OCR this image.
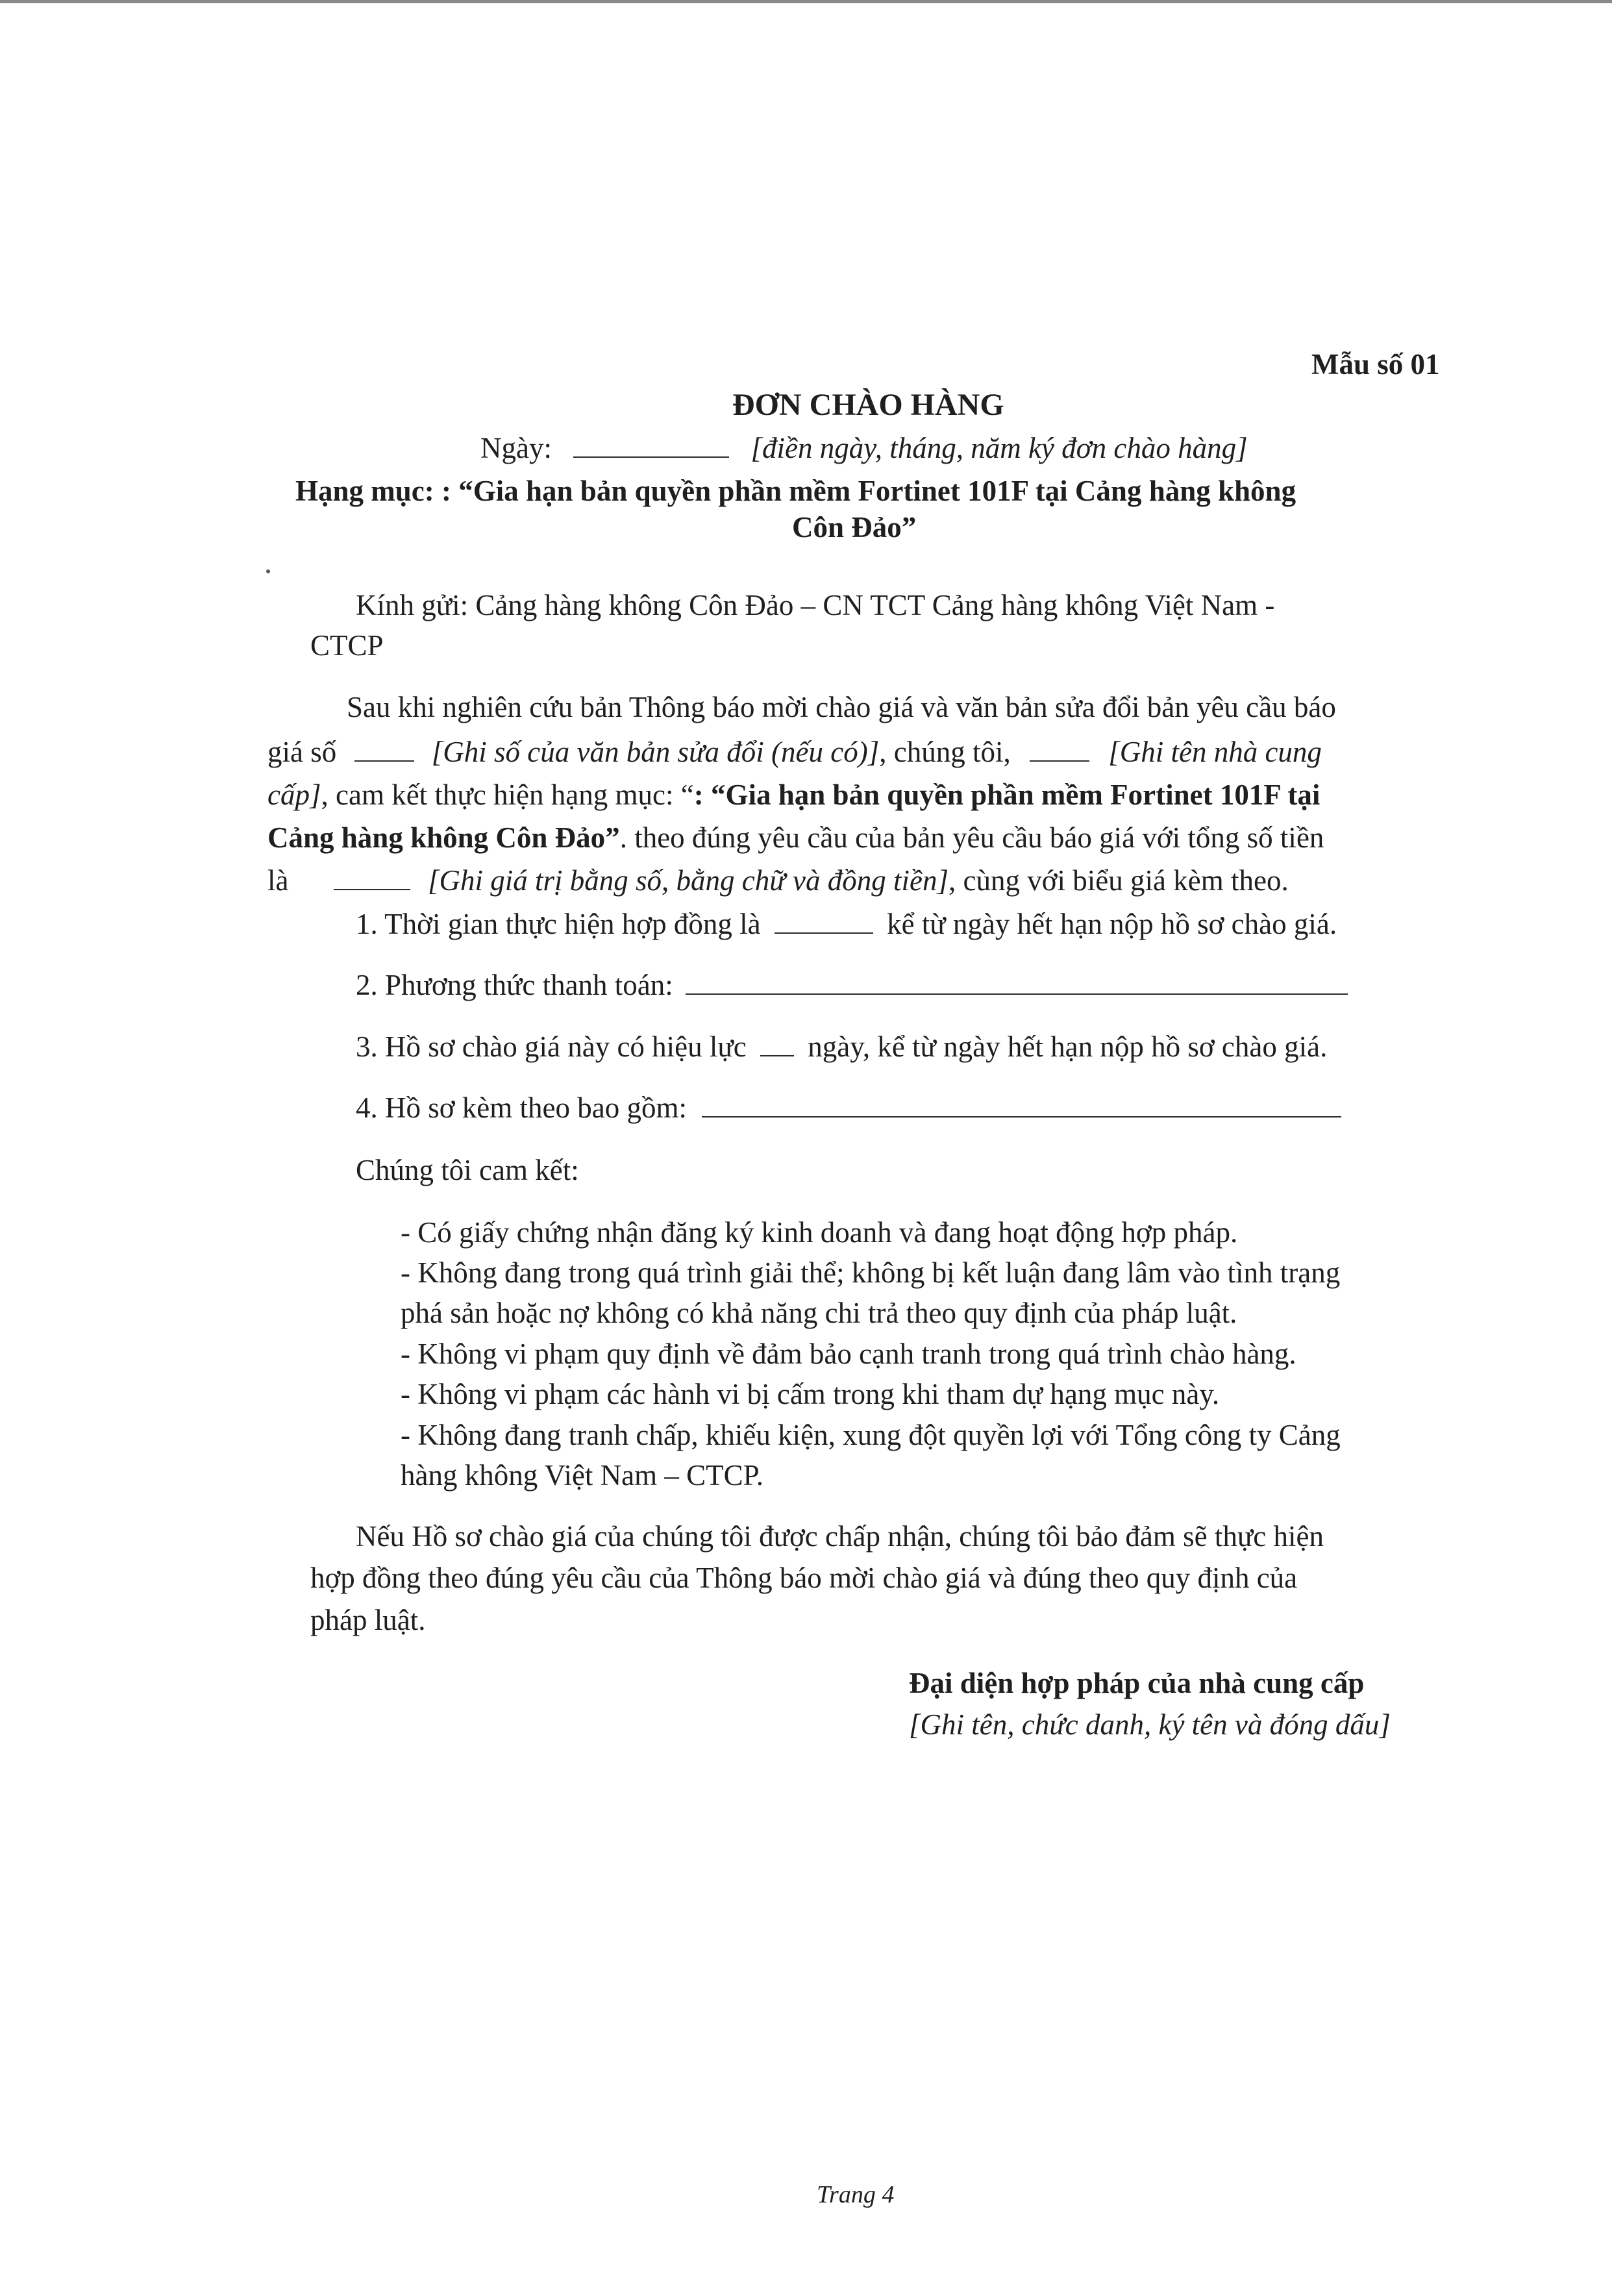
Mẫu số 01
ĐƠN CHÀO HÀNG
Ngày:	[điền ngày, tháng, năm ký đơn chào hàng]
Hạng mục: : “Gia hạn bản quyền phần mềm Fortinet 101F tại Cảng hàng không
Côn Đảo”
Kính gửi: Cảng hàng không Côn Đảo – CN TCT Cảng hàng không Việt Nam -
CTCP
Sau khi nghiên cứu bản Thông báo mời chào giá và văn bản sửa đổi bản yêu cầu báo
giá số	[Ghi số của văn bản sửa đổi (nếu có)], chúng tôi,	[Ghi tên nhà cung
cấp], cam kết thực hiện hạng mục: “: “Gia hạn bản quyền phần mềm Fortinet 101F tại
Cảng hàng không Côn Đảo”. theo đúng yêu cầu của bản yêu cầu báo giá với tổng số tiền
là	[Ghi giá trị bằng số, bằng chữ và đồng tiền], cùng với biểu giá kèm theo.
1. Thời gian thực hiện hợp đồng là	kể từ ngày hết hạn nộp hồ sơ chào giá.
2. Phương thức thanh toán:
3. Hồ sơ chào giá này có hiệu lực ngày, kể từ ngày hết hạn nộp hồ sơ chào giá.
4. Hồ sơ kèm theo bao gồm:
Chúng tôi cam kết:
- Có giấy chứng nhận đăng ký kinh doanh và đang hoạt động hợp pháp.
- Không đang trong quá trình giải thể; không bị kết luận đang lâm vào tình trạng
phá sản hoặc nợ không có khả năng chi trả theo quy định của pháp luật.
- Không vi phạm quy định về đảm bảo cạnh tranh trong quá trình chào hàng.
- Không vi phạm các hành vi bị cấm trong khi tham dự hạng mục này.
- Không đang tranh chấp, khiếu kiện, xung đột quyền lợi với Tổng công ty Cảng
hàng không Việt Nam – CTCP.
Nếu Hồ sơ chào giá của chúng tôi được chấp nhận, chúng tôi bảo đảm sẽ thực hiện
hợp đồng theo đúng yêu cầu của Thông báo mời chào giá và đúng theo quy định của
pháp luật.
Đại diện hợp pháp của nhà cung cấp
[Ghi tên, chức danh, ký tên và đóng dấu]
Trang 4
